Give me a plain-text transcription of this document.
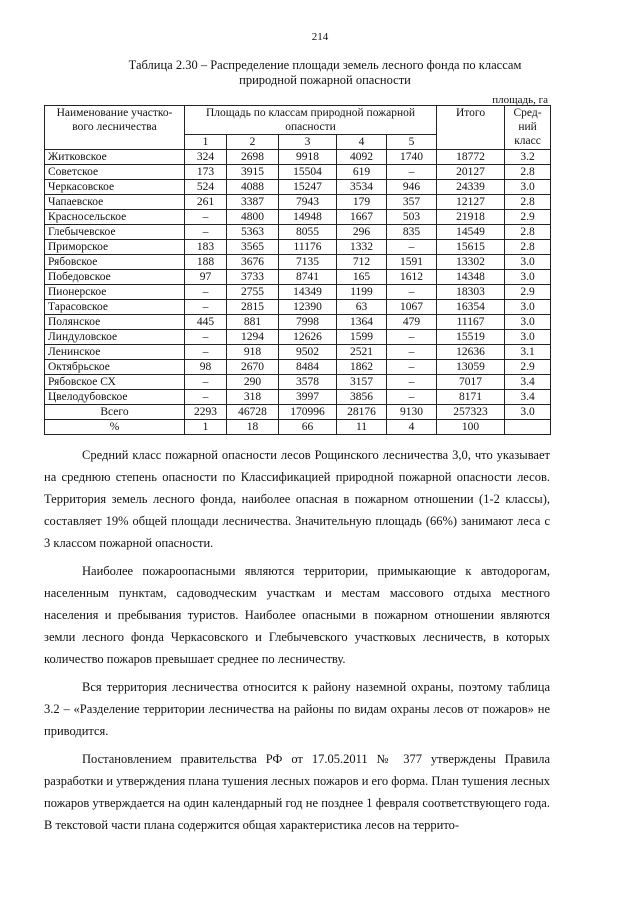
214
Таблица 2.30 – Распределение площади земель лесного фонда по классам
природной пожарной опасности
площадь, га
Наименование участко-вого лесничества	Площадь по классам природной пожарной опасности					Итого	Сред-ний класс
	1	2	3	4	5		
Житковское	324	2698	9918	4092	1740	18772	3.2
Советское	173	3915	15504	619	–	20127	2.8
Черкасовское	524	4088	15247	3534	946	24339	3.0
Чапаевское	261	3387	7943	179	357	12127	2.8
Красносельское	–	4800	14948	1667	503	21918	2.9
Глебычевское	–	5363	8055	296	835	14549	2.8
Приморское	183	3565	11176	1332	–	15615	2.8
Рябовское	188	3676	7135	712	1591	13302	3.0
Победовское	97	3733	8741	165	1612	14348	3.0
Пионерское	–	2755	14349	1199	–	18303	2.9
Тарасовское	–	2815	12390	63	1067	16354	3.0
Полянское	445	881	7998	1364	479	11167	3.0
Линдуловское	–	1294	12626	1599	–	15519	3.0
Ленинское	–	918	9502	2521	–	12636	3.1
Октябрьское	98	2670	8484	1862	–	13059	2.9
Рябовское СХ	–	290	3578	3157	–	7017	3.4
Цвелодубовское	–	318	3997	3856	–	8171	3.4
Всего	2293	46728	170996	28176	9130	257323	3.0
%	1	18	66	11	4	100	

Средний класс пожарной опасности лесов Рощинского лесничества 3,0, что указывает на среднюю степень опасности по Классификацией природной пожарной опасности лесов. Территория земель лесного фонда, наиболее опасная в пожарном отношении (1-2 классы), составляет 19% общей площади лесничества. Значительную площадь (66%) занимают леса с 3 классом пожарной опасности.

Наиболее пожароопасными являются территории, примыкающие к автодорогам, населенным пунктам, садоводческим участкам и местам массового отдыха местного населения и пребывания туристов. Наиболее опасными в пожарном отношении являются земли лесного фонда Черкасовского и Глебычевского участковых лесничеств, в которых количество пожаров превышает среднее по лесничеству.

Вся территория лесничества относится к району наземной охраны, поэтому таблица 3.2 – «Разделение территории лесничества на районы по видам охраны лесов от пожаров» не приводится.

Постановлением правительства РФ от 17.05.2011 № 377 утверждены Правила разработки и утверждения плана тушения лесных пожаров и его форма. План тушения лесных пожаров утверждается на один календарный год не позднее 1 февраля соответствующего года. В текстовой части плана содержится общая характеристика лесов на террито-
